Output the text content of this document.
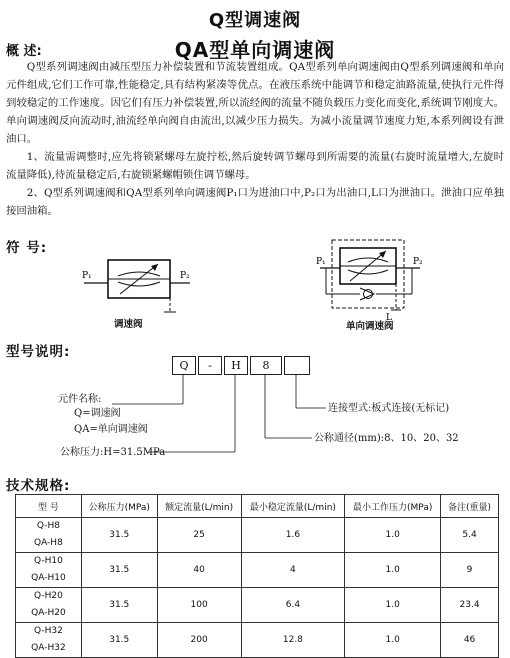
Q型调速阀
概 述:	QA型单向调速阀
Q型系列调速阀由减压型压力补偿装置和节流装置组成。QA型系列单向调速阀由Q型系列调速阀和单向元件组成,它们工作可靠,性能稳定,具有结构紧凑等优点。在液压系统中能调节和稳定油路流量,使执行元件得到较稳定的工作速度。因它们有压力补偿装置,所以流经阀的流量不随负载压力变化而变化,系统调节刚度大。单向调速阀反向流动时,油流经单向阀自由流出,以减少压力损失。为减小流量调节速度力矩,本系列阀设有泄油口。
1、流量需调整时,应先将锁紧螺母左旋拧松,然后旋转调节螺母到所需要的流量(右旋时流量增大,左旋时流量降低),待流量稳定后,右旋锁紧螺帽锁住调节螺母。
2、Q型系列调速阀和QA型系列单向调速阀P₁口为进油口中,P₂口为出油口,L口为泄油口。泄油口应单独接回油箱。
符 号:
P₁	P₂
调速阀
P₁	P₂
L
单向调速阀
型号说明:
Q	-	H	8
元件名称:
Q=调速阀
QA=单向调速阀
公称压力:H=31.5MPa
连接型式:板式连接(无标记)
公称通径(mm):8、10、20、32
技术规格:
型 号	公称压力(MPa)	额定流量(L/min)	最小稳定流量(L/min)	最小工作压力(MPa)	备注(重量)

Q-H8
QA-H8	31.5	25	1.6	1.0	5.4

Q-H10
QA-H10	31.5	40	4	1.0	9

Q-H20
QA-H20	31.5	100	6.4	1.0	23.4

Q-H32
QA-H32	31.5	200	12.8	1.0	46
